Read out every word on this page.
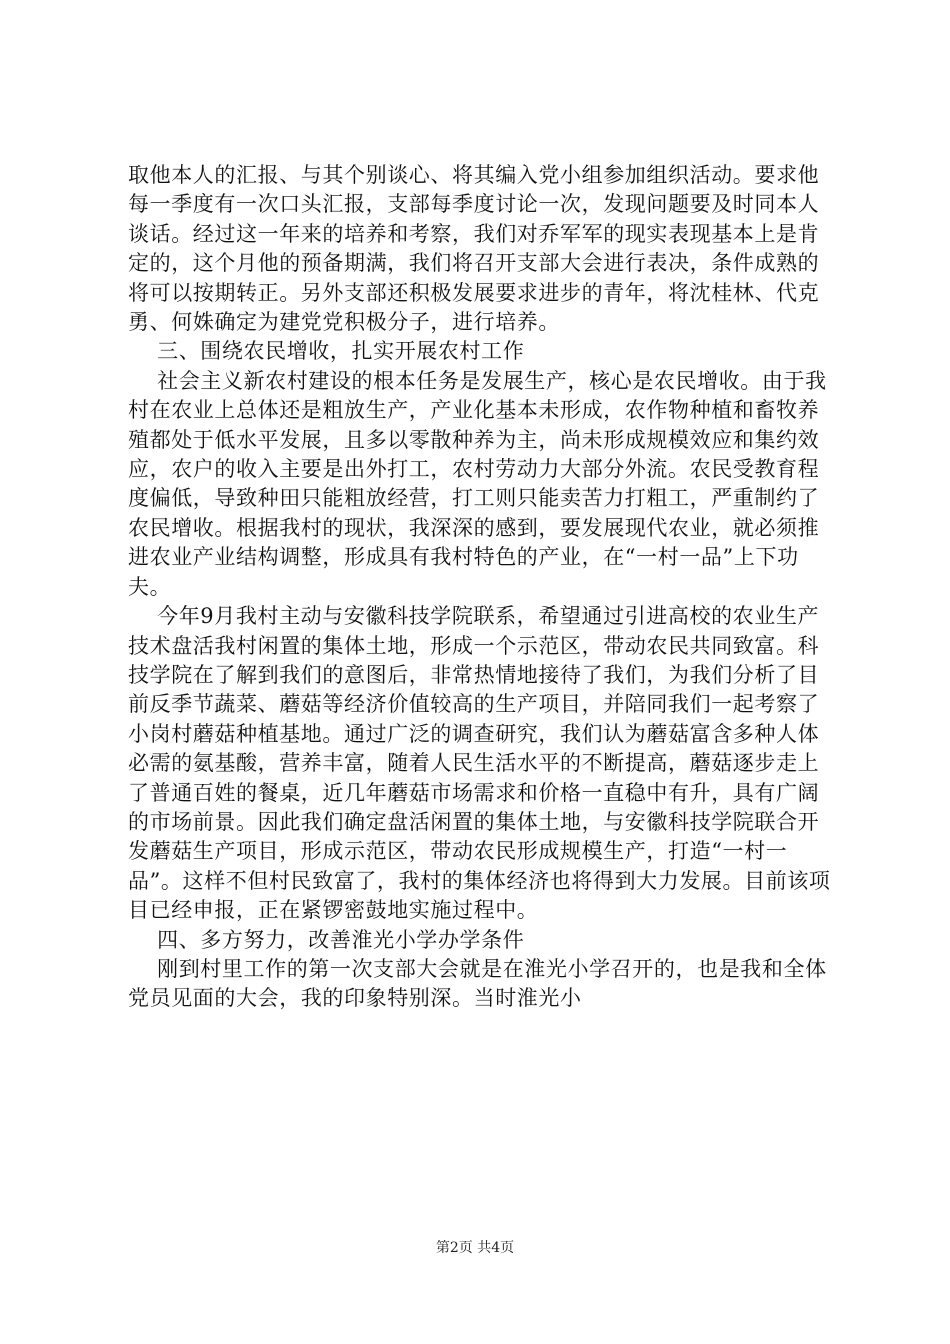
取他本人的汇报、与其个别谈心、将其编入党小组参加组织活动。要求他每一季度有一次口头汇报，支部每季度讨论一次，发现问题要及时同本人谈话。经过这一年来的培养和考察，我们对乔军军的现实表现基本上是肯定的，这个月他的预备期满，我们将召开支部大会进行表决，条件成熟的将可以按期转正。另外支部还积极发展要求进步的青年，将沈桂林、代克勇、何姝确定为建党党积极分子，进行培养。

三、围绕农民增收，扎实开展农村工作

社会主义新农村建设的根本任务是发展生产，核心是农民增收。由于我村在农业上总体还是粗放生产，产业化基本未形成，农作物种植和畜牧养殖都处于低水平发展，且多以零散种养为主，尚未形成规模效应和集约效应，农户的收入主要是出外打工，农村劳动力大部分外流。农民受教育程度偏低，导致种田只能粗放经营，打工则只能卖苦力打粗工，严重制约了农民增收。根据我村的现状，我深深的感到，要发展现代农业，就必须推进农业产业结构调整，形成具有我村特色的产业，在“一村一品”上下功夫。

今年9月我村主动与安徽科技学院联系，希望通过引进高校的农业生产技术盘活我村闲置的集体土地，形成一个示范区，带动农民共同致富。科技学院在了解到我们的意图后，非常热情地接待了我们，为我们分析了目前反季节蔬菜、蘑菇等经济价值较高的生产项目，并陪同我们一起考察了小岗村蘑菇种植基地。通过广泛的调查研究，我们认为蘑菇富含多种人体必需的氨基酸，营养丰富，随着人民生活水平的不断提高，蘑菇逐步走上了普通百姓的餐桌，近几年蘑菇市场需求和价格一直稳中有升，具有广阔的市场前景。因此我们确定盘活闲置的集体土地，与安徽科技学院联合开发蘑菇生产项目，形成示范区，带动农民形成规模生产，打造“一村一品”。这样不但村民致富了，我村的集体经济也将得到大力发展。目前该项目已经申报，正在紧锣密鼓地实施过程中。

四、多方努力，改善淮光小学办学条件

刚到村里工作的第一次支部大会就是在淮光小学召开的，也是我和全体党员见面的大会，我的印象特别深。当时淮光小

第2页 共4页
